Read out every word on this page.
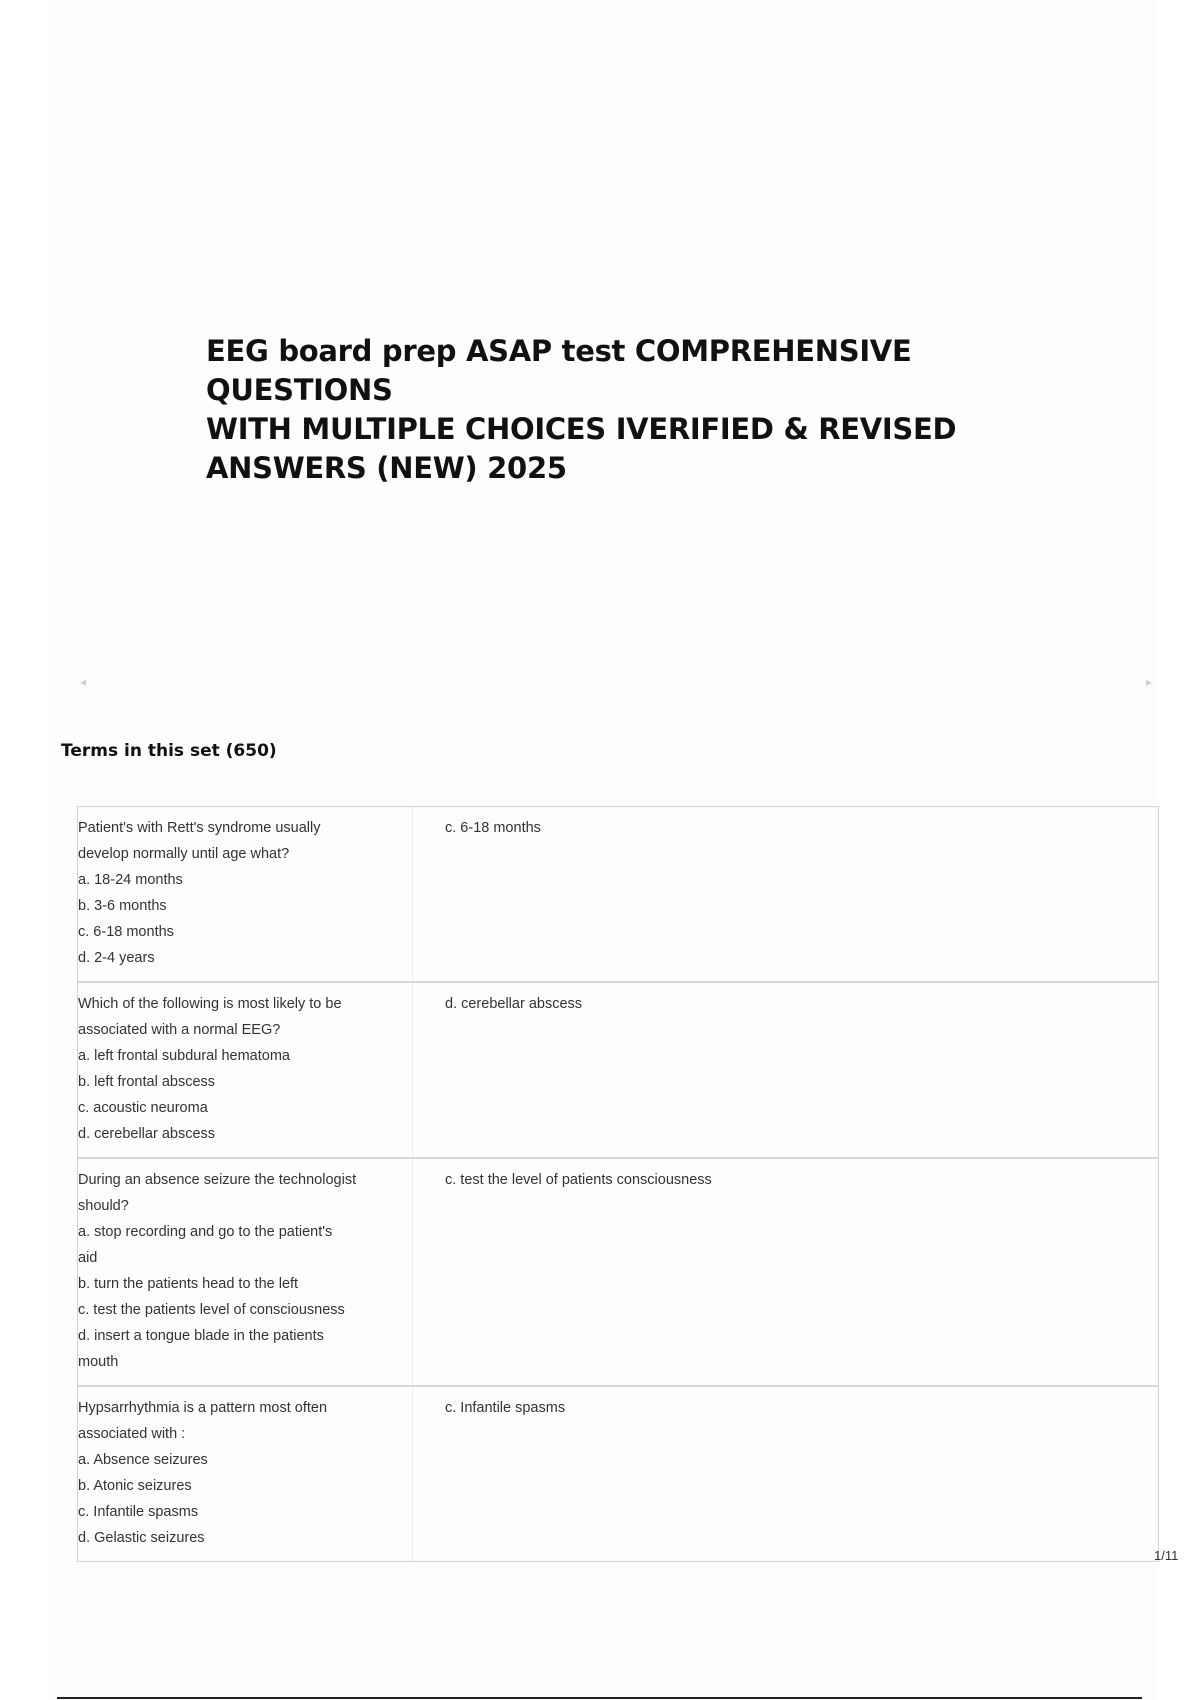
EEG board prep ASAP test COMPREHENSIVE QUESTIONS

WITH MULTIPLE CHOICES IVERIFIED & REVISED

ANSWERS (NEW) 2025

◂	▸
Terms in this set (650)

Patient's with Rett's syndrome usually

develop normally until age what?

a. 18-24 months

b. 3-6 months

c. 6-18 months

d. 2-4 years

c. 6-18 months

Which of the following is most likely to be

associated with a normal EEG?

a. left frontal subdural hematoma

b. left frontal abscess

c. acoustic neuroma

d. cerebellar abscess

d. cerebellar abscess

During an absence seizure the technologist

should?

a. stop recording and go to the patient's

aid

b. turn the patients head to the left

c. test the patients level of consciousness

d. insert a tongue blade in the patients

mouth

c. test the level of patients consciousness

Hypsarrhythmia is a pattern most often

associated with :

a. Absence seizures

b. Atonic seizures

c. Infantile spasms

d. Gelastic seizures

c. Infantile spasms

1/11
